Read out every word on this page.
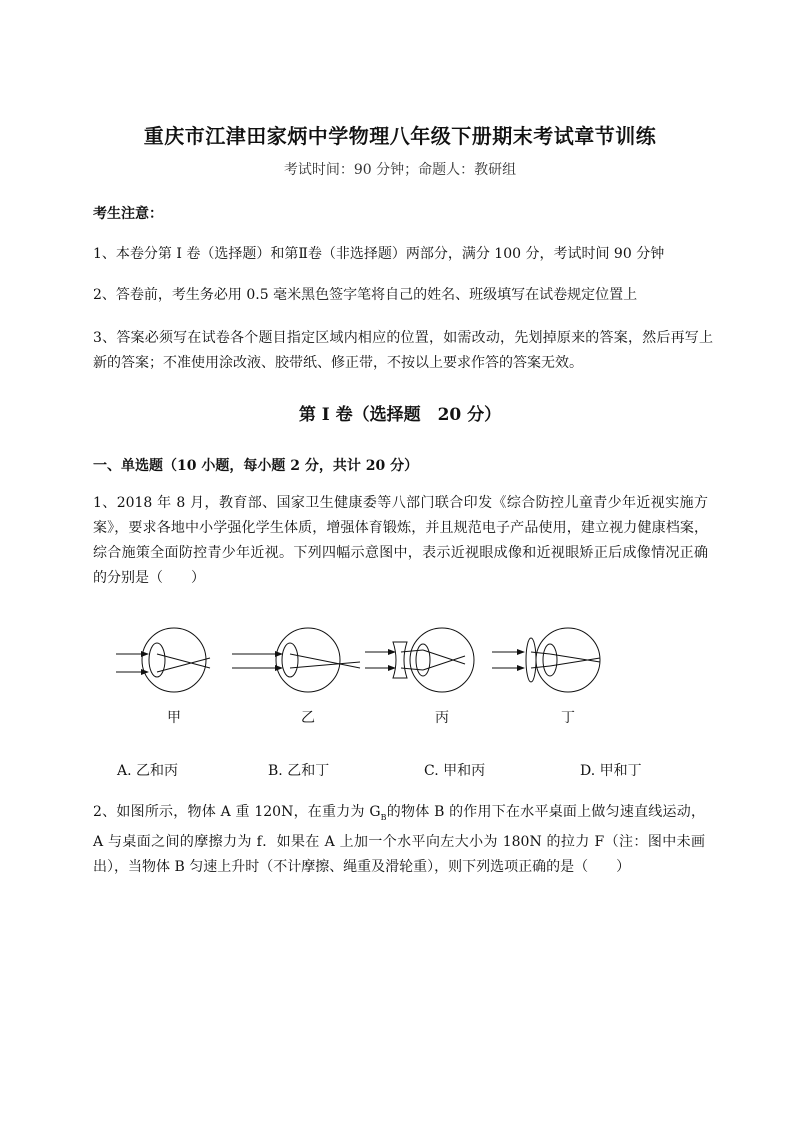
重庆市江津田家炳中学物理八年级下册期末考试章节训练
考试时间：90 分钟；命题人：教研组
考生注意：
1、本卷分第 I 卷（选择题）和第Ⅱ卷（非选择题）两部分，满分 100 分，考试时间 90 分钟
2、答卷前，考生务必用 0.5 毫米黑色签字笔将自己的姓名、班级填写在试卷规定位置上
3、答案必须写在试卷各个题目指定区域内相应的位置，如需改动，先划掉原来的答案，然后再写上新的答案；不准使用涂改液、胶带纸、修正带，不按以上要求作答的答案无效。
第 I 卷（选择题　20 分）
一、单选题（10 小题，每小题 2 分，共计 20 分）
1、2018 年 8 月，教育部、国家卫生健康委等八部门联合印发《综合防控儿童青少年近视实施方案》，要求各地中小学强化学生体质，增强体育锻炼，并且规范电子产品使用，建立视力健康档案，综合施策全面防控青少年近视。下列四幅示意图中，表示近视眼成像和近视眼矫正后成像情况正确的分别是（　　）
甲	乙	丙	丁
A. 乙和丙	B. 乙和丁	C. 甲和丙	D. 甲和丁
2、如图所示，物体 A 重 120N，在重力为 $G_B$的物体 B 的作用下在水平桌面上做匀速直线运动，A 与桌面之间的摩擦力为 f．如果在 A 上加一个水平向左大小为 180N 的拉力 F（注：图中未画出），当物体 B 匀速上升时（不计摩擦、绳重及滑轮重），则下列选项正确的是（　　）
